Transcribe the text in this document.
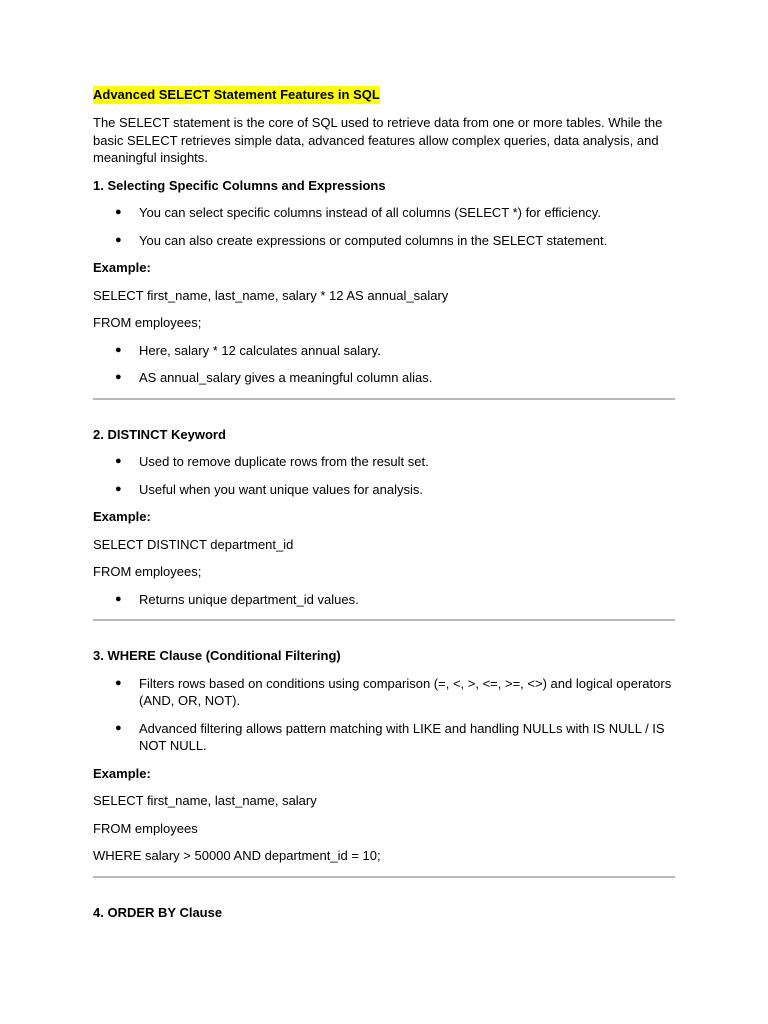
Advanced SELECT Statement Features in SQL

The SELECT statement is the core of SQL used to retrieve data from one or more tables. While the basic SELECT retrieves simple data, advanced features allow complex queries, data analysis, and meaningful insights.

1. Selecting Specific Columns and Expressions

● You can select specific columns instead of all columns (SELECT *) for efficiency.
● You can also create expressions or computed columns in the SELECT statement.

Example:

SELECT first_name, last_name, salary * 12 AS annual_salary

FROM employees;

● Here, salary * 12 calculates annual salary.
● AS annual_salary gives a meaningful column alias.

2. DISTINCT Keyword

● Used to remove duplicate rows from the result set.
● Useful when you want unique values for analysis.

Example:

SELECT DISTINCT department_id

FROM employees;

● Returns unique department_id values.

3. WHERE Clause (Conditional Filtering)

● Filters rows based on conditions using comparison (=, <, >, <=, >=, <>) and logical operators (AND, OR, NOT).
● Advanced filtering allows pattern matching with LIKE and handling NULLs with IS NULL / IS NOT NULL.

Example:

SELECT first_name, last_name, salary

FROM employees

WHERE salary > 50000 AND department_id = 10;

4. ORDER BY Clause
